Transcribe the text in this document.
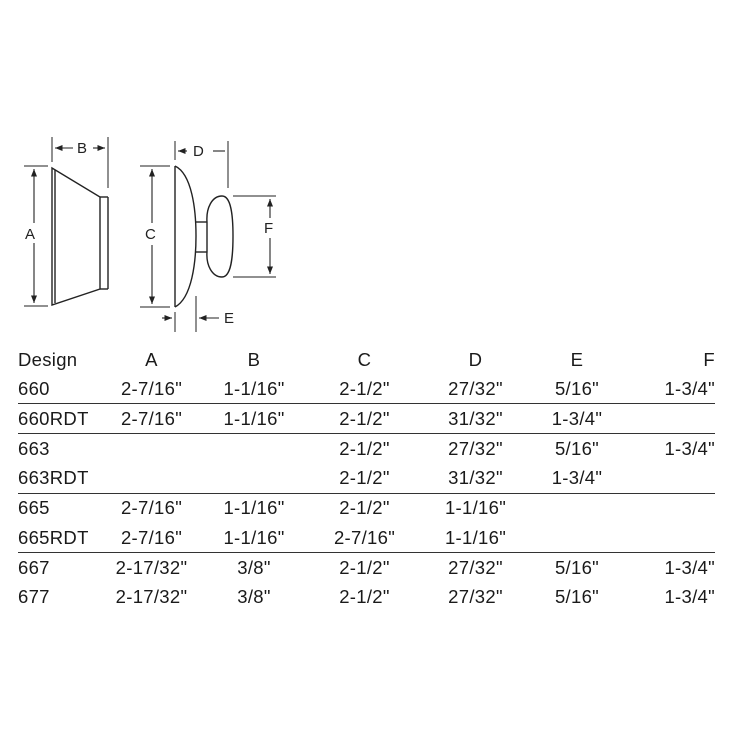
A
B
C
D
E
F
Design	A	B	C	D	E	F
660	2-7/16"	1-1/16"	2-1/2"	27/32"	5/16"	1-3/4"
660RDT	2-7/16"	1-1/16"	2-1/2"	31/32"	1-3/4"	
663			2-1/2"	27/32"	5/16"	1-3/4"
663RDT			2-1/2"	31/32"	1-3/4"	
665	2-7/16"	1-1/16"	2-1/2"	1-1/16"		
665RDT	2-7/16"	1-1/16"	2-7/16"	1-1/16"		
667	2-17/32"	3/8"	2-1/2"	27/32"	5/16"	1-3/4"
677	2-17/32"	3/8"	2-1/2"	27/32"	5/16"	1-3/4"
